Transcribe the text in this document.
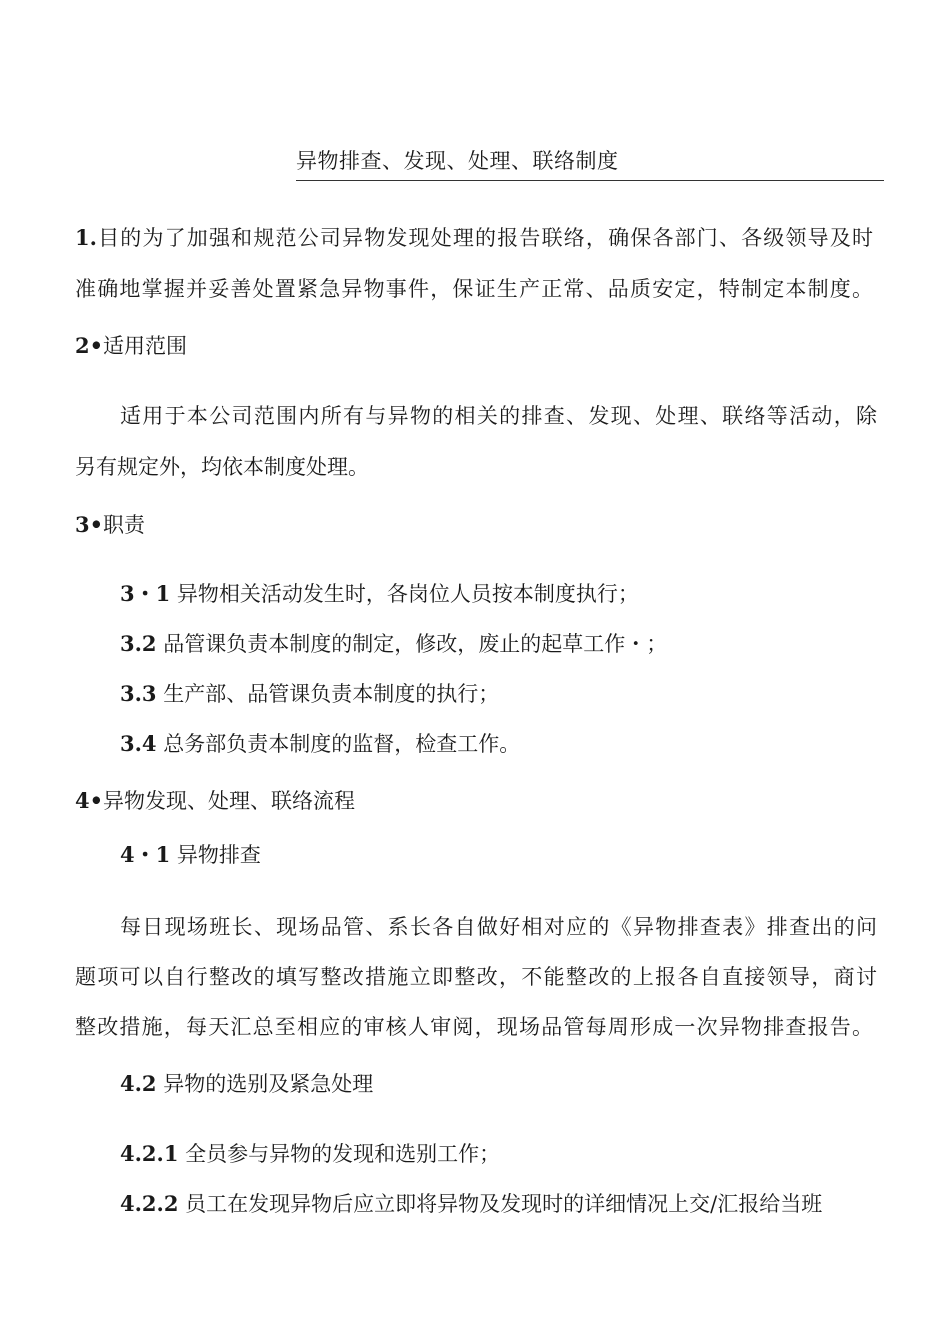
异物排查、发现、处理、联络制度
1.目的为了加强和规范公司异物发现处理的报告联络，确保各部门、各级领导及时
准确地掌握并妥善处置紧急异物事件，保证生产正常、品质安定，特制定本制度。
2•适用范围
适用于本公司范围内所有与异物的相关的排查、发现、处理、联络等活动，除
另有规定外，均依本制度处理。
3•职责
3・1 异物相关活动发生时，各岗位人员按本制度执行；
3.2 品管课负责本制度的制定，修改，废止的起草工作・；
3.3 生产部、品管课负责本制度的执行；
3.4 总务部负责本制度的监督，检查工作。
4•异物发现、处理、联络流程
4・1 异物排查
每日现场班长、现场品管、系长各自做好相对应的《异物排查表》排查出的问
题项可以自行整改的填写整改措施立即整改，不能整改的上报各自直接领导，商讨
整改措施，每天汇总至相应的审核人审阅，现场品管每周形成一次异物排查报告。
4.2 异物的选别及紧急处理
4.2.1 全员参与异物的发现和选别工作；
4.2.2 员工在发现异物后应立即将异物及发现时的详细情况上交/汇报给当班
